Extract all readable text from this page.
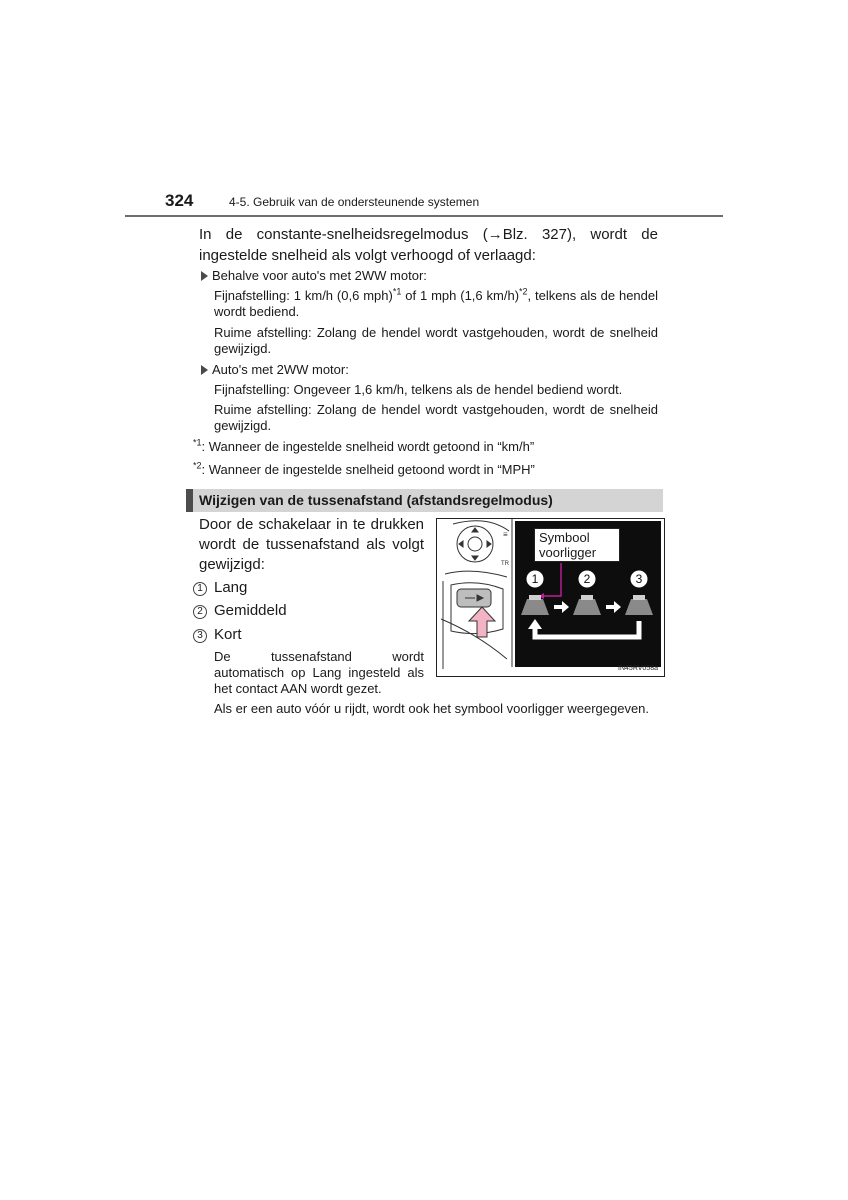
324	4-5. Gebruik van de ondersteunende systemen
In de constante-snelheidsregelmodus (→Blz. 327), wordt de ingestelde snelheid als volgt verhoogd of verlaagd:
Behalve voor auto's met 2WW motor:
Fijnafstelling: 1 km/h (0,6 mph)$^{*1}$ of 1 mph (1,6 km/h)$^{*2}$, telkens als de hendel wordt bediend.
Ruime afstelling: Zolang de hendel wordt vastgehouden, wordt de snelheid gewijzigd.
Auto's met 2WW motor:
Fijnafstelling: Ongeveer 1,6 km/h, telkens als de hendel bediend wordt.
Ruime afstelling: Zolang de hendel wordt vastgehouden, wordt de snelheid gewijzigd.
$^{*1}$: Wanneer de ingestelde snelheid wordt getoond in “km/h”
$^{*2}$: Wanneer de ingestelde snelheid getoond wordt in “MPH”
Wijzigen van de tussenafstand (afstandsregelmodus)
Door de schakelaar in te drukken wordt de tussenafstand als volgt gewijzigd:
1 Lang
2 Gemiddeld
3 Kort
De tussenafstand wordt automatisch op Lang ingesteld als het contact AAN wordt gezet.
Als er een auto vóór u rijdt, wordt ook het symbool voorligger weergegeven.
≡
TR
1	2	3
Symbool voorligger
IN45RV058a
